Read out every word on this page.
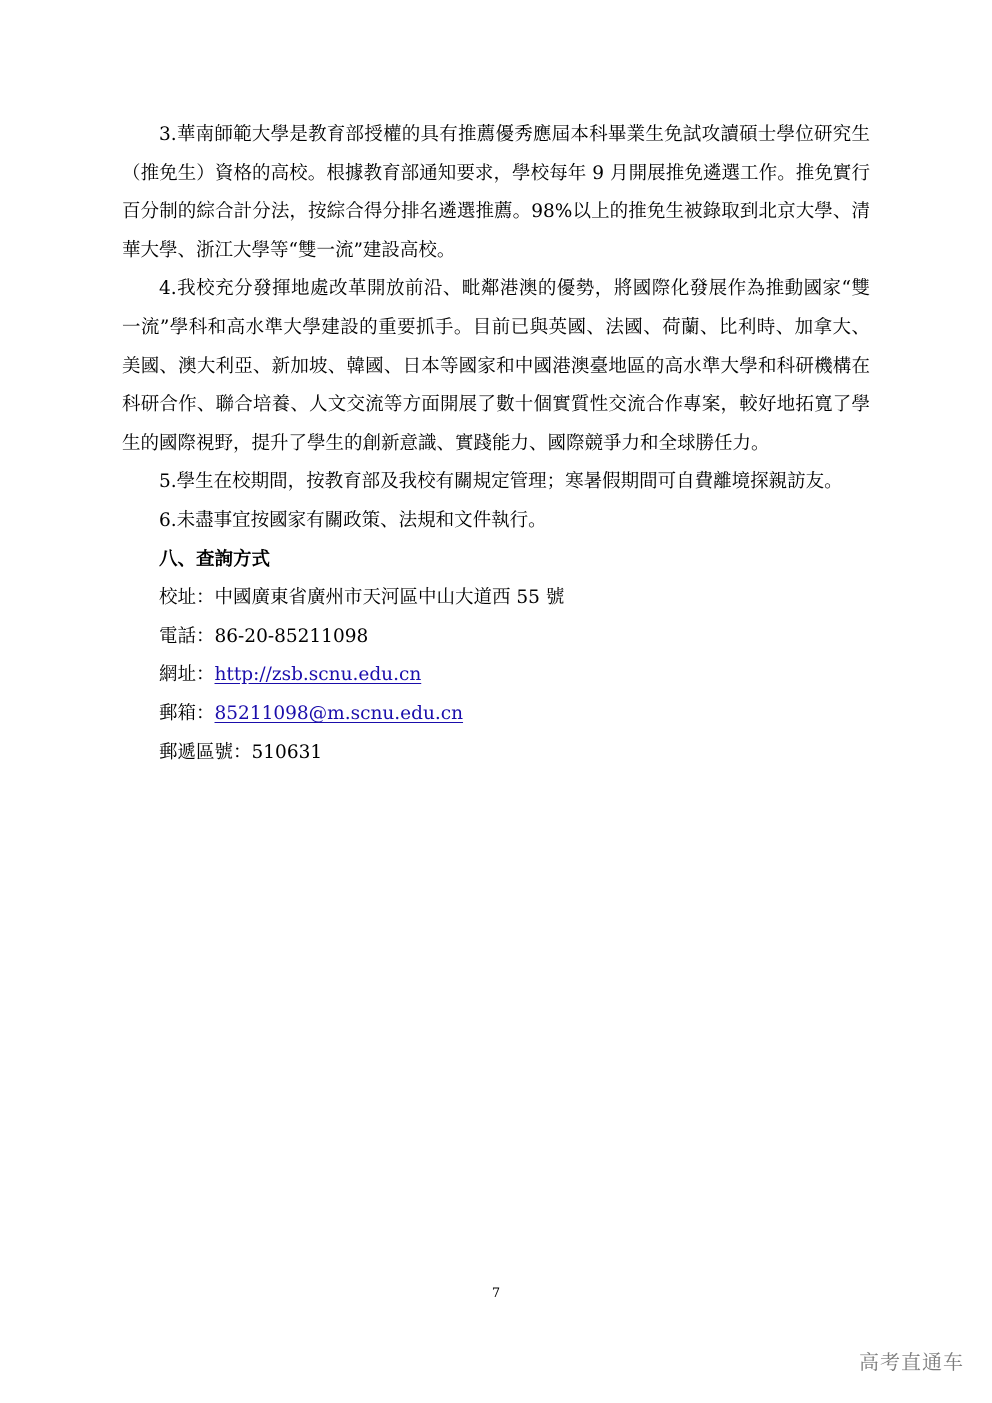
3.華南師範大學是教育部授權的具有推薦優秀應屆本科畢業生免試攻讀碩士學位研究生（推免生）資格的高校。根據教育部通知要求，學校每年 9 月開展推免遴選工作。推免實行百分制的綜合計分法，按綜合得分排名遴選推薦。98%以上的推免生被錄取到北京大學、清華大學、浙江大學等“雙一流”建設高校。

4.我校充分發揮地處改革開放前沿、毗鄰港澳的優勢，將國際化發展作為推動國家“雙一流”學科和高水準大學建設的重要抓手。目前已與英國、法國、荷蘭、比利時、加拿大、美國、澳大利亞、新加坡、韓國、日本等國家和中國港澳臺地區的高水準大學和科研機構在科研合作、聯合培養、人文交流等方面開展了數十個實質性交流合作專案，較好地拓寬了學生的國際視野，提升了學生的創新意識、實踐能力、國際競爭力和全球勝任力。

5.學生在校期間，按教育部及我校有關規定管理；寒暑假期間可自費離境探親訪友。

6.未盡事宜按國家有關政策、法規和文件執行。

八、查詢方式

校址：中國廣東省廣州市天河區中山大道西 55 號

電話：86-20-85211098

網址：http://zsb.scnu.edu.cn

郵箱：85211098@m.scnu.edu.cn

郵遞區號：510631

7
高考直通车
